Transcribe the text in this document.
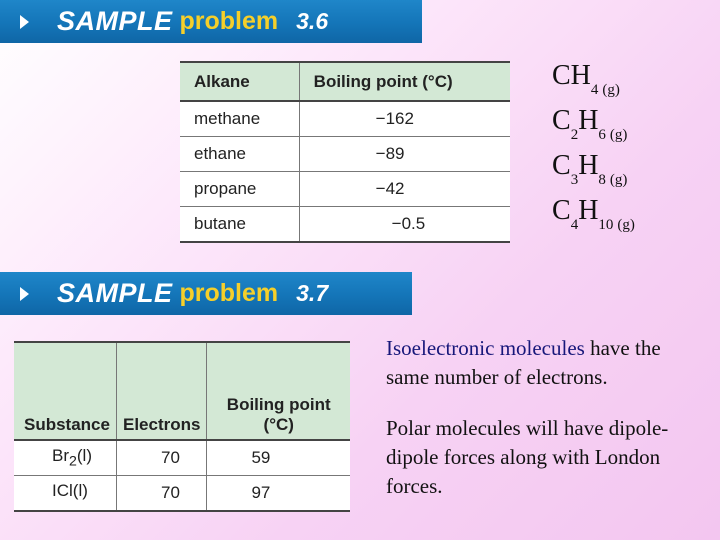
SAMPLE problem 3.6
Alkane	Boiling point (°C)
methane	−162
ethane	−89
propane	−42
butane	−0.5
CH 4 (g)
C 2 H 6 (g)
C 3 H 8 (g)
C 4 H 10 (g)
SAMPLE problem 3.7
Substance	Electrons	Boiling point (°C)
$Br_2(l)$	70	59
ICl(l)	70	97
Isoelectronic molecules have the same number of electrons.
Polar molecules will have dipole-dipole forces along with London forces.
